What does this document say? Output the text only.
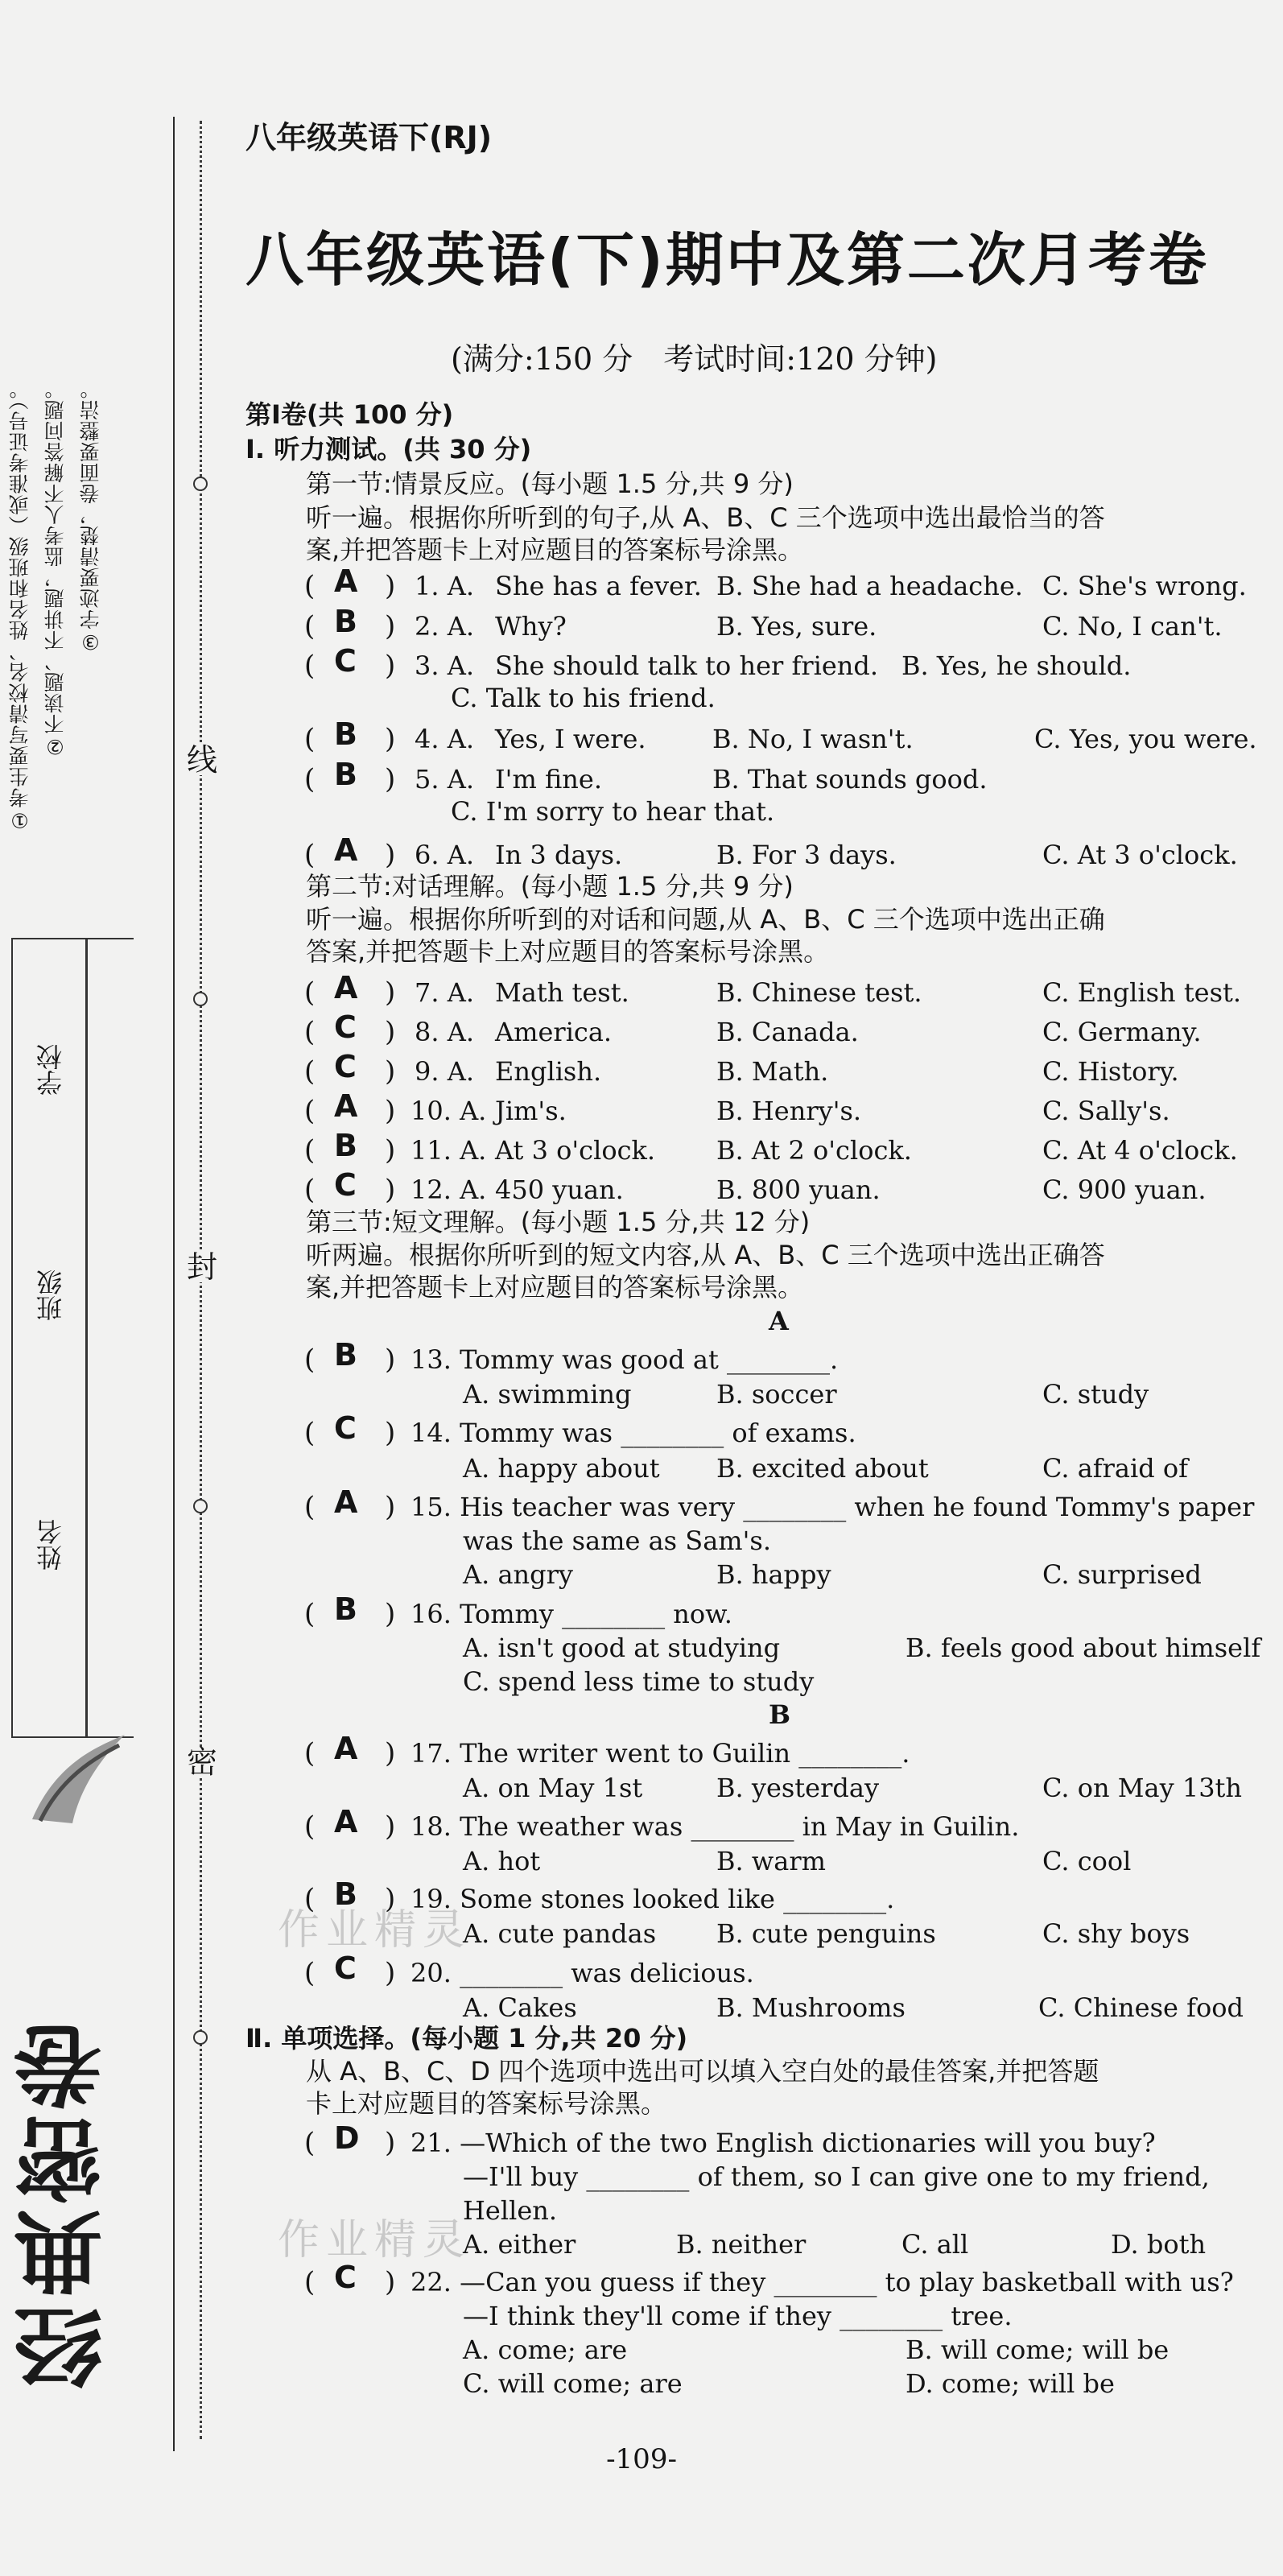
①考生要写清校名、姓名和班级（或准考证号）。 ②不读题、不讲题，监考人不解答问题。 ③字迹要清楚，卷面要整洁。
学校
班级
姓名
经典密卷
线
封
密
作业精灵
作业精灵
八年级英语下(RJ)
八年级英语(下)期中及第二次月考卷
(满分:150 分　考试时间:120 分钟)
第Ⅰ卷(共 100 分)
Ⅰ. 听力测试。(共 30 分)
第一节:情景反应。(每小题 1.5 分,共 9 分)
听一遍。根据你所听到的句子,从 A、B、C 三个选项中选出最恰当的答
案,并把答题卡上对应题目的答案标号涂黑。
( A ) 1. A. She has a fever. B. She had a headache. C. She's wrong.
( B ) 2. A. Why?	B. Yes, sure.	C. No, I can't.
( C ) 3. A. She should talk to her friend. B. Yes, he should.
C. Talk to his friend.
( B ) 4. A. Yes, I were.	B. No, I wasn't.	C. Yes, you were.
( B ) 5. A. I'm fine.	B. That sounds good.
C. I'm sorry to hear that.
( A ) 6. A. In 3 days.	B. For 3 days.	C. At 3 o'clock.
第二节:对话理解。(每小题 1.5 分,共 9 分)
听一遍。根据你所听到的对话和问题,从 A、B、C 三个选项中选出正确
答案,并把答题卡上对应题目的答案标号涂黑。
( A ) 7. A. Math test.	B. Chinese test.	C. English test.
( C ) 8. A. America.	B. Canada.	C. Germany.
( C ) 9. A. English.	B. Math.	C. History.
( A ) 10. A. Jim's.	B. Henry's.	C. Sally's.
( B ) 11. A. At 3 o'clock. B. At 2 o'clock.	C. At 4 o'clock.
( C ) 12. A. 450 yuan.	B. 800 yuan.	C. 900 yuan.
第三节:短文理解。(每小题 1.5 分,共 12 分)
听两遍。根据你所听到的短文内容,从 A、B、C 三个选项中选出正确答
案,并把答题卡上对应题目的答案标号涂黑。
A
( B ) 13. Tommy was good at ________.
A. swimming	B. soccer	C. study
( C ) 14. Tommy was ________ of exams.
A. happy about B. excited about	C. afraid of
( A ) 15. His teacher was very ________ when he found Tommy's paper
was the same as Sam's.
A. angry	B. happy	C. surprised
( B ) 16. Tommy ________ now.
A. isn't good at studying	B. feels good about himself
C. spend less time to study
B
( A ) 17. The writer went to Guilin ________.
A. on May 1st	B. yesterday	C. on May 13th
( A ) 18. The weather was ________ in May in Guilin.
A. hot	B. warm	C. cool
( B ) 19. Some stones looked like ________.
A. cute pandas B. cute penguins	C. shy boys
( C ) 20. ________ was delicious.
A. Cakes	B. Mushrooms	C. Chinese food
Ⅱ. 单项选择。(每小题 1 分,共 20 分)
从 A、B、C、D 四个选项中选出可以填入空白处的最佳答案,并把答题
卡上对应题目的答案标号涂黑。
( D ) 21. —Which of the two English dictionaries will you buy?
—I'll buy ________ of them, so I can give one to my friend,
Hellen.
A. either	B. neither	C. all	D. both
( C ) 22. —Can you guess if they ________ to play basketball with us?
—I think they'll come if they ________ tree.
A. come; are	B. will come; will be
C. will come; are	D. come; will be
-109-
